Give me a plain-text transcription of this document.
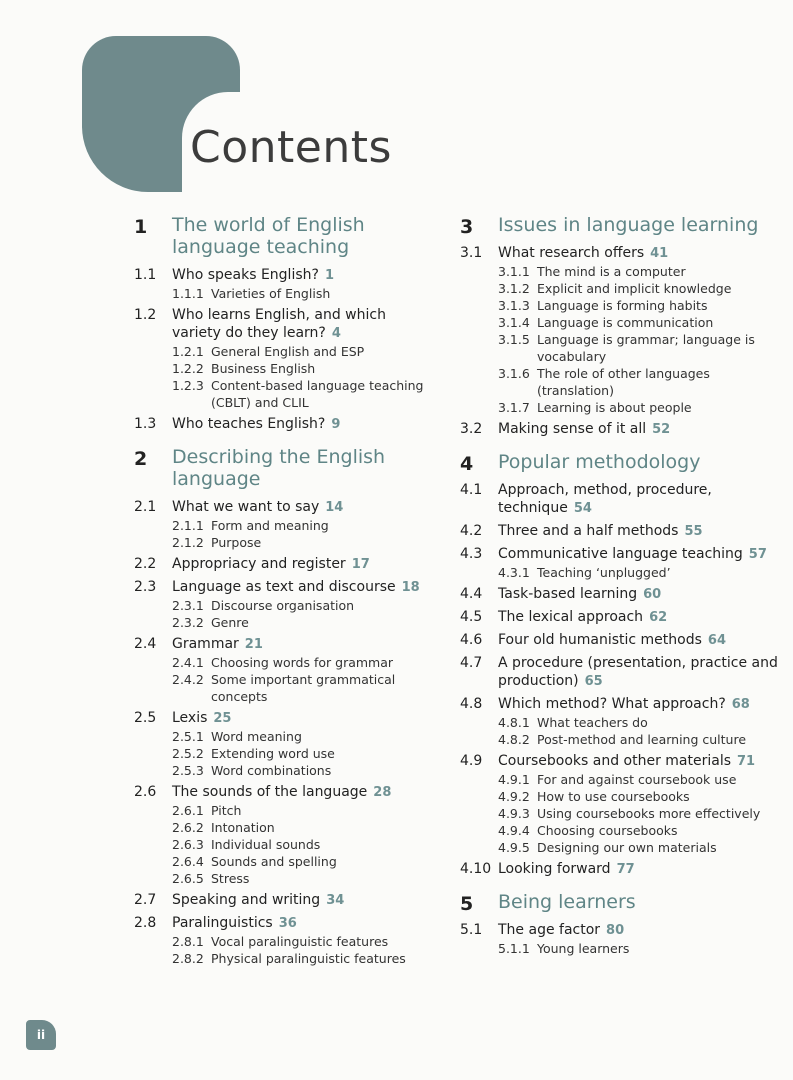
Contents
1 The world of English language teaching
1.1 Who speaks English? 1
1.1.1 Varieties of English
1.2 Who learns English, and which variety do they learn? 4
1.2.1 General English and ESP
1.2.2 Business English
1.2.3 Content-based language teaching (CBLT) and CLIL
1.3 Who teaches English? 9
2 Describing the English language
2.1 What we want to say 14
2.1.1 Form and meaning
2.1.2 Purpose
2.2 Appropriacy and register 17
2.3 Language as text and discourse 18
2.3.1 Discourse organisation
2.3.2 Genre
2.4 Grammar 21
2.4.1 Choosing words for grammar
2.4.2 Some important grammatical concepts
2.5 Lexis 25
2.5.1 Word meaning
2.5.2 Extending word use
2.5.3 Word combinations
2.6 The sounds of the language 28
2.6.1 Pitch
2.6.2 Intonation
2.6.3 Individual sounds
2.6.4 Sounds and spelling
2.6.5 Stress
2.7 Speaking and writing 34
2.8 Paralinguistics 36
2.8.1 Vocal paralinguistic features
2.8.2 Physical paralinguistic features
3 Issues in language learning
3.1 What research offers 41
3.1.1 The mind is a computer
3.1.2 Explicit and implicit knowledge
3.1.3 Language is forming habits
3.1.4 Language is communication
3.1.5 Language is grammar; language is vocabulary
3.1.6 The role of other languages (translation)
3.1.7 Learning is about people
3.2 Making sense of it all 52
4 Popular methodology
4.1 Approach, method, procedure, technique 54
4.2 Three and a half methods 55
4.3 Communicative language teaching 57
4.3.1 Teaching ‘unplugged’
4.4 Task-based learning 60
4.5 The lexical approach 62
4.6 Four old humanistic methods 64
4.7 A procedure (presentation, practice and production) 65
4.8 Which method? What approach? 68
4.8.1 What teachers do
4.8.2 Post-method and learning culture
4.9 Coursebooks and other materials 71
4.9.1 For and against coursebook use
4.9.2 How to use coursebooks
4.9.3 Using coursebooks more effectively
4.9.4 Choosing coursebooks
4.9.5 Designing our own materials
4.10 Looking forward 77
5 Being learners
5.1 The age factor 80
5.1.1 Young learners
ii
